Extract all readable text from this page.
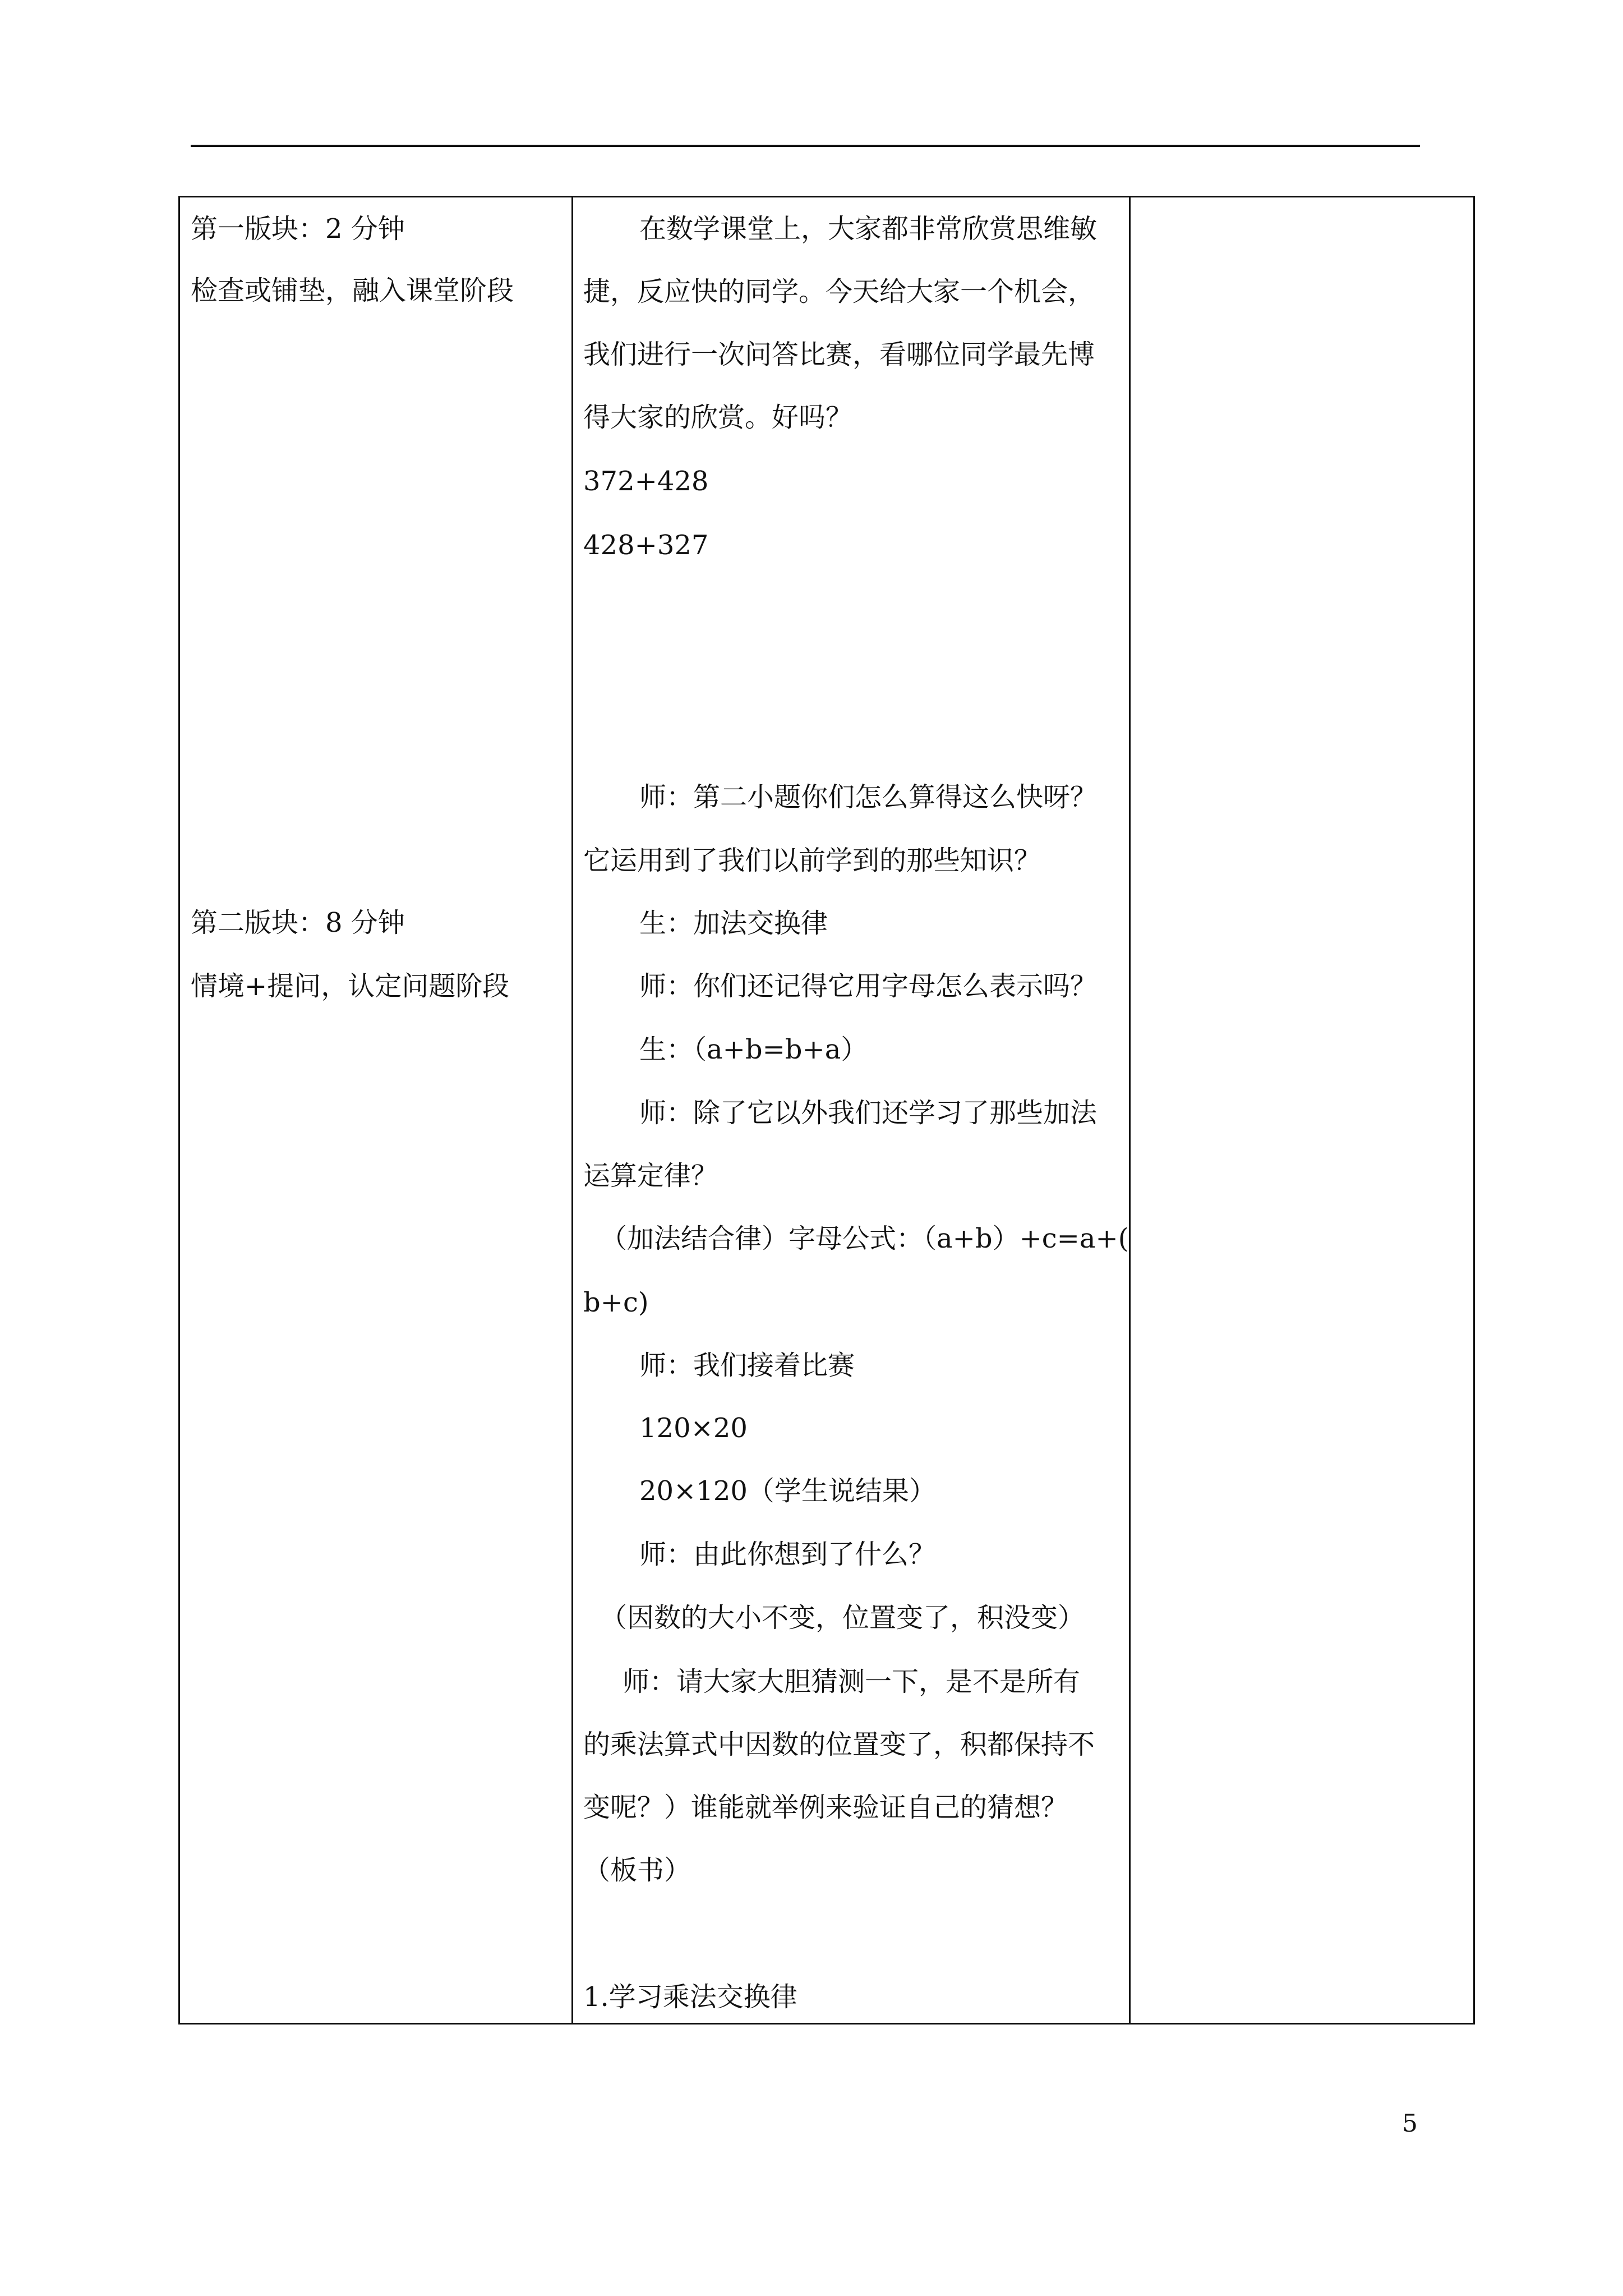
第一版块：2 分钟
检查或铺垫，融入课堂阶段
第二版块：8 分钟
情境+提问，认定问题阶段
在数学课堂上，大家都非常欣赏思维敏
捷，反应快的同学。今天给大家一个机会，
我们进行一次问答比赛，看哪位同学最先博
得大家的欣赏。好吗？
372+428
428+327
师：第二小题你们怎么算得这么快呀？
它运用到了我们以前学到的那些知识？
生：加法交换律
师：你们还记得它用字母怎么表示吗？
生：（a+b=b+a）
师：除了它以外我们还学习了那些加法
运算定律？
（加法结合律）字母公式：（a+b）+c=a+(
b+c)
师：我们接着比赛
120×20
20×120（学生说结果）
师：由此你想到了什么？
（因数的大小不变，位置变了，积没变）
师：请大家大胆猜测一下，是不是所有
的乘法算式中因数的位置变了，积都保持不
变呢？）谁能就举例来验证自己的猜想？
（板书）
1.学习乘法交换律
5
